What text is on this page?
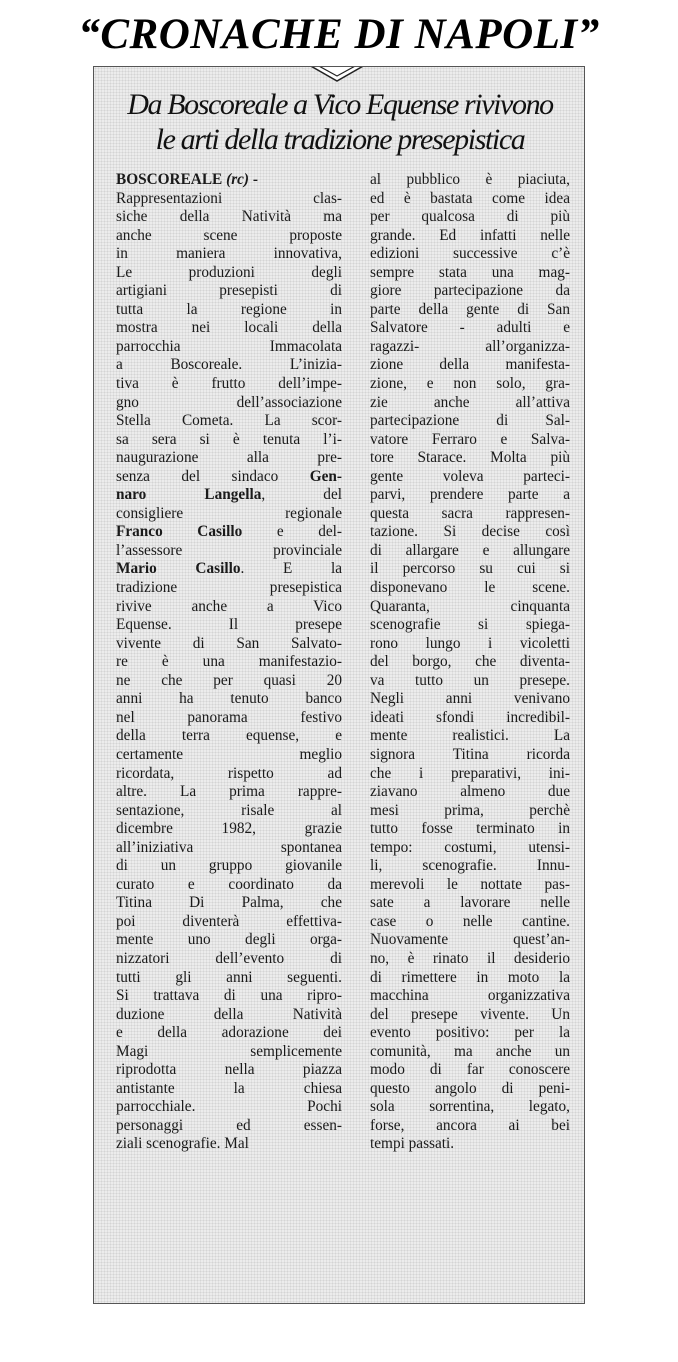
“CRONACHE DI NAPOLI”
Da Boscoreale a Vico Equense rivivono
le arti della tradizione presepistica
BOSCOREALE (rc) -
Rappresentazioni clas-
siche della Natività ma
anche scene proposte
in maniera innovativa,
Le produzioni degli
artigiani presepisti di
tutta la regione in
mostra nei locali della
parrocchia Immacolata
a Boscoreale. L’inizia-
tiva è frutto dell’impe-
gno dell’associazione
Stella Cometa. La scor-
sa sera si è tenuta l’i-
naugurazione alla pre-
senza del sindaco Gen-
naro Langella, del
consigliere regionale
Franco Casillo e del-
l’assessore provinciale
Mario Casillo. E la
tradizione presepistica
rivive anche a Vico
Equense. Il presepe
vivente di San Salvato-
re è una manifestazio-
ne che per quasi 20
anni ha tenuto banco
nel panorama festivo
della terra equense, e
certamente meglio
ricordata, rispetto ad
altre. La prima rappre-
sentazione, risale al
dicembre 1982, grazie
all’iniziativa spontanea
di un gruppo giovanile
curato e coordinato da
Titina Di Palma, che
poi diventerà effettiva-
mente uno degli orga-
nizzatori dell’evento di
tutti gli anni seguenti.
Si trattava di una ripro-
duzione della Natività
e della adorazione dei
Magi semplicemente
riprodotta nella piazza
antistante la chiesa
parrocchiale. Pochi
personaggi ed essen-
ziali scenografie. Mal
al pubblico è piaciuta,
ed è bastata come idea
per qualcosa di più
grande. Ed infatti nelle
edizioni successive c’è
sempre stata una mag-
giore partecipazione da
parte della gente di San
Salvatore - adulti e
ragazzi- all’organizza-
zione della manifesta-
zione, e non solo, gra-
zie anche all’attiva
partecipazione di Sal-
vatore Ferraro e Salva-
tore Starace. Molta più
gente voleva parteci-
parvi, prendere parte a
questa sacra rappresen-
tazione. Si decise così
di allargare e allungare
il percorso su cui si
disponevano le scene.
Quaranta, cinquanta
scenografie si spiega-
rono lungo i vicoletti
del borgo, che diventa-
va tutto un presepe.
Negli anni venivano
ideati sfondi incredibil-
mente realistici. La
signora Titina ricorda
che i preparativi, ini-
ziavano almeno due
mesi prima, perchè
tutto fosse terminato in
tempo: costumi, utensi-
li, scenografie. Innu-
merevoli le nottate pas-
sate a lavorare nelle
case o nelle cantine.
Nuovamente quest’an-
no, è rinato il desiderio
di rimettere in moto la
macchina organizzativa
del presepe vivente. Un
evento positivo: per la
comunità, ma anche un
modo di far conoscere
questo angolo di peni-
sola sorrentina, legato,
forse, ancora ai bei
tempi passati.
